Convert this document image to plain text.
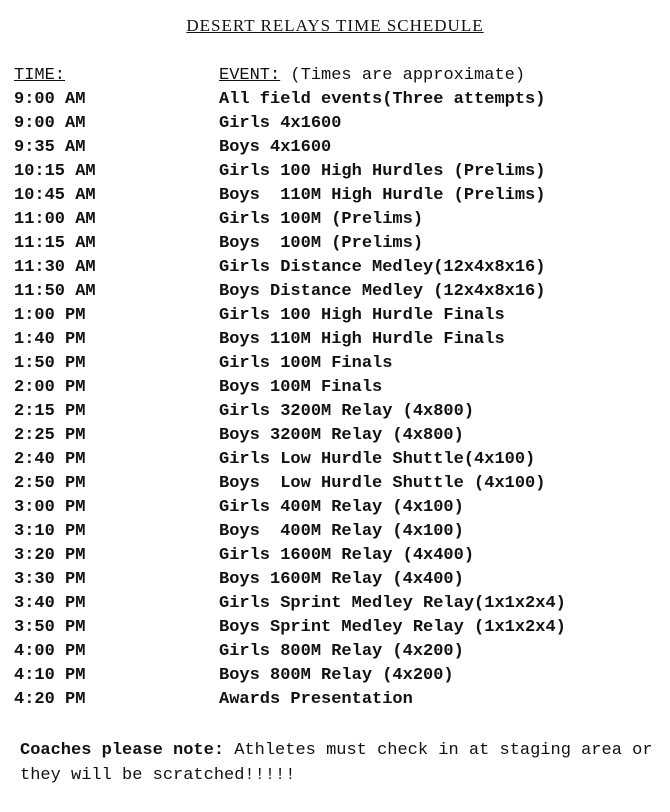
DESERT RELAYS TIME SCHEDULE
TIME:	EVENT: (Times are approximate)
9:00 AM	All field events(Three attempts)
9:00 AM	Girls 4x1600
9:35 AM	Boys 4x1600
10:15 AM	Girls 100 High Hurdles (Prelims)
10:45 AM	Boys  110M High Hurdle (Prelims)
11:00 AM	Girls 100M (Prelims)
11:15 AM	Boys  100M (Prelims)
11:30 AM	Girls Distance Medley(12x4x8x16)
11:50 AM	Boys Distance Medley (12x4x8x16)
1:00 PM	Girls 100 High Hurdle Finals
1:40 PM	Boys 110M High Hurdle Finals
1:50 PM	Girls 100M Finals
2:00 PM	Boys 100M Finals
2:15 PM	Girls 3200M Relay (4x800)
2:25 PM	Boys 3200M Relay (4x800)
2:40 PM	Girls Low Hurdle Shuttle(4x100)
2:50 PM	Boys  Low Hurdle Shuttle (4x100)
3:00 PM	Girls 400M Relay (4x100)
3:10 PM	Boys  400M Relay (4x100)
3:20 PM	Girls 1600M Relay (4x400)
3:30 PM	Boys 1600M Relay (4x400)
3:40 PM	Girls Sprint Medley Relay(1x1x2x4)
3:50 PM	Boys Sprint Medley Relay (1x1x2x4)
4:00 PM	Girls 800M Relay (4x200)
4:10 PM	Boys 800M Relay (4x200)
4:20 PM	Awards Presentation
Coaches please note: Athletes must check in at staging area or they will be scratched!!!!!
